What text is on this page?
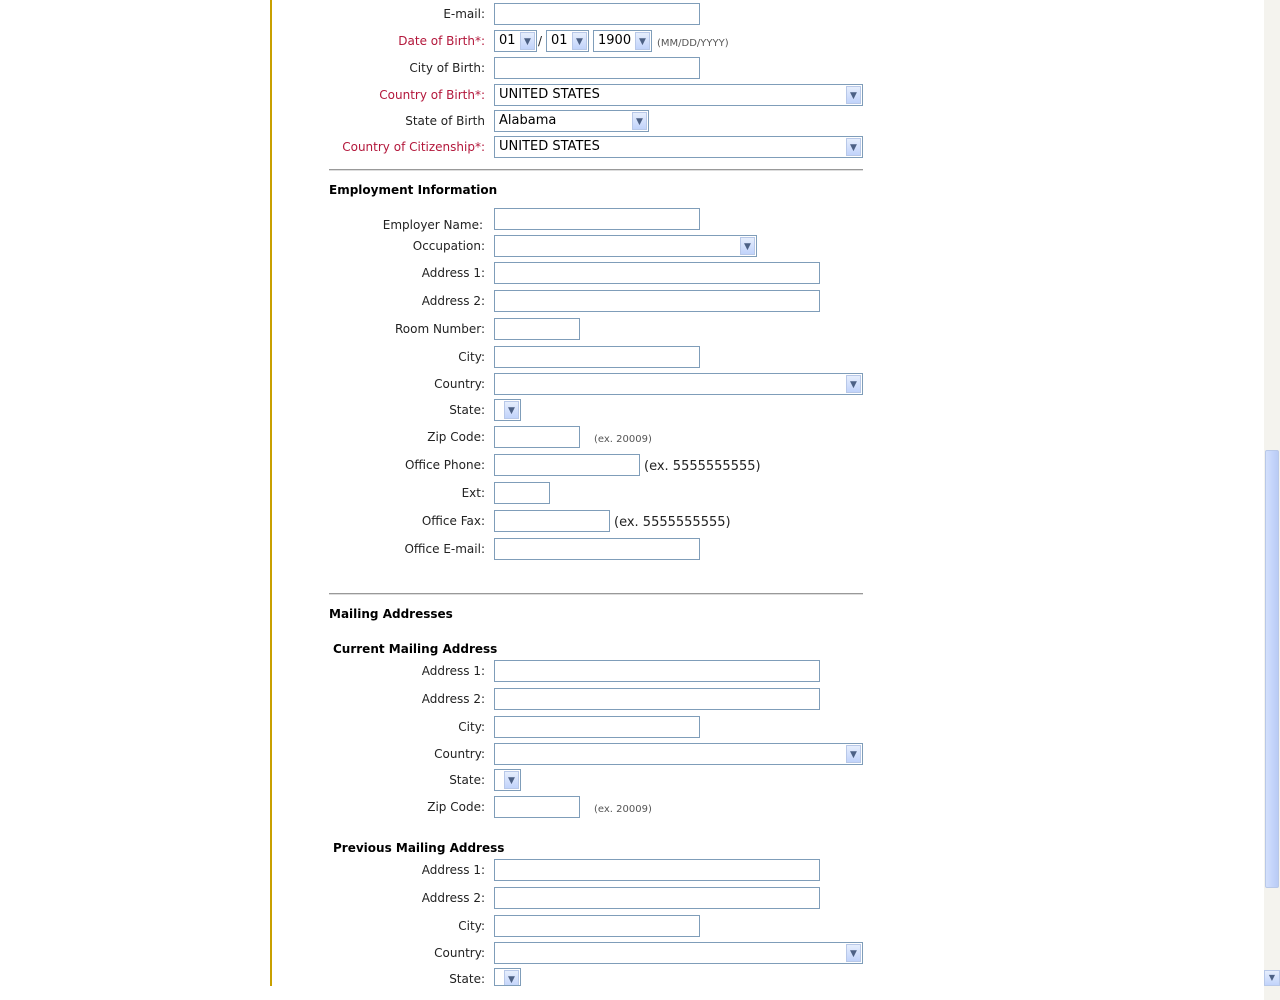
E-mail:
Date of Birth*:	01 ▼ / 01 ▼	1900 ▼	(MM/DD/YYYY)
City of Birth:
Country of Birth*:	UNITED STATES	▼
State of Birth	Alabama	▼
Country of Citizenship*:	UNITED STATES	▼
Employment Information
Employer Name:
Occupation:	▼
Address 1:
Address 2:
Room Number:
City:
Country:	▼
State:	▼
Zip Code:	(ex. 20009)
Office Phone:	(ex. 5555555555)
Ext:
Office Fax:	(ex. 5555555555)
Office E-mail:
Mailing Addresses
Current Mailing Address
Address 1:
Address 2:
City:
Country:	▼
State:	▼
Zip Code:	(ex. 20009)
Previous Mailing Address
Address 1:
Address 2:
City:
Country:	▼
State:	▼	▼
